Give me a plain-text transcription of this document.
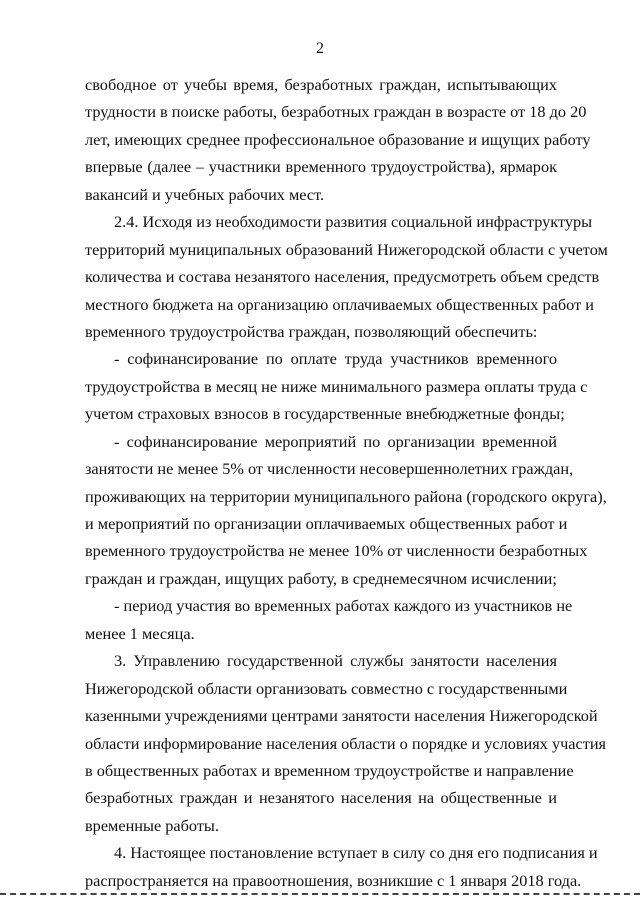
2
свободное от учебы время, безработных граждан, испытывающих
трудности в поиске работы, безработных граждан в возрасте от 18 до 20
лет, имеющих среднее профессиональное образование и ищущих работу
впервые (далее – участники временного трудоустройства), ярмарок
вакансий и учебных рабочих мест.
2.4. Исходя из необходимости развития социальной инфраструктуры
территорий муниципальных образований Нижегородской области с учетом
количества и состава незанятого населения, предусмотреть объем средств
местного бюджета на организацию оплачиваемых общественных работ и
временного трудоустройства граждан, позволяющий обеспечить:
- софинансирование по оплате труда участников временного
трудоустройства в месяц не ниже минимального размера оплаты труда с
учетом страховых взносов в государственные внебюджетные фонды;
- софинансирование мероприятий по организации временной
занятости не менее 5% от численности несовершеннолетних граждан,
проживающих на территории муниципального района (городского округа),
и мероприятий по организации оплачиваемых общественных работ и
временного трудоустройства не менее 10% от численности безработных
граждан и граждан, ищущих работу, в среднемесячном исчислении;
- период участия во временных работах каждого из участников не
менее 1 месяца.
3. Управлению государственной службы занятости населения
Нижегородской области организовать совместно с государственными
казенными учреждениями центрами занятости населения Нижегородской
области информирование населения области о порядке и условиях участия
в общественных работах и временном трудоустройстве и направление
безработных граждан и незанятого населения на общественные и
временные работы.
4. Настоящее постановление вступает в силу со дня его подписания и
распространяется на правоотношения, возникшие с 1 января 2018 года.
